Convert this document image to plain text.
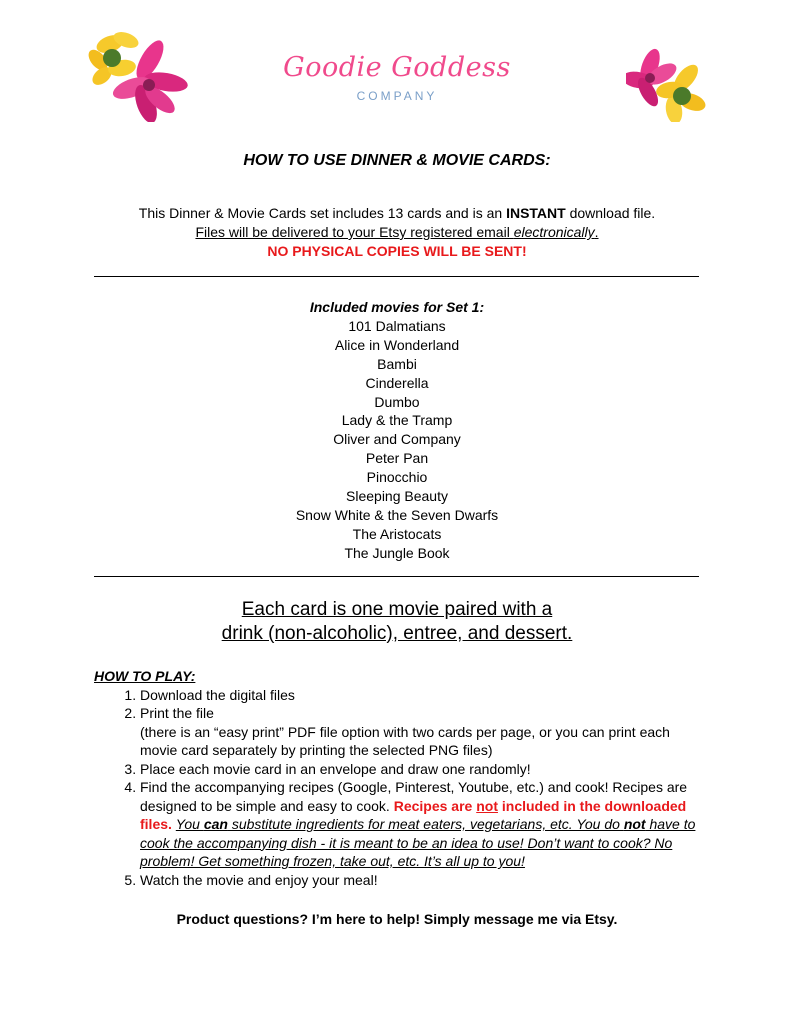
Goodie Goddess
COMPANY
HOW TO USE DINNER & MOVIE CARDS:

This Dinner & Movie Cards set includes 13 cards and is an INSTANT download file.

Files will be delivered to your Etsy registered email electronically.

NO PHYSICAL COPIES WILL BE SENT!

Included movies for Set 1:
101 Dalmatians
Alice in Wonderland
Bambi
Cinderella
Dumbo
Lady & the Tramp
Oliver and Company
Peter Pan
Pinocchio
Sleeping Beauty
Snow White & the Seven Dwarfs
The Aristocats
The Jungle Book
Each card is one movie paired with a
drink (non-alcoholic), entree, and dessert.

HOW TO PLAY:

1. Download the digital files
2. Print the file
(there is an “easy print” PDF file option with two cards per page, or you can print each movie card separately by printing the selected PNG files)
3. Place each movie card in an envelope and draw one randomly!
4. Find the accompanying recipes (Google, Pinterest, Youtube, etc.) and cook! Recipes are designed to be simple and easy to cook. Recipes are not included in the downloaded files. You can substitute ingredients for meat eaters, vegetarians, etc. You do not have to cook the accompanying dish - it is meant to be an idea to use! Don’t want to cook? No problem! Get something frozen, take out, etc. It’s all up to you!
5. Watch the movie and enjoy your meal!
Product questions? I’m here to help! Simply message me via Etsy.
